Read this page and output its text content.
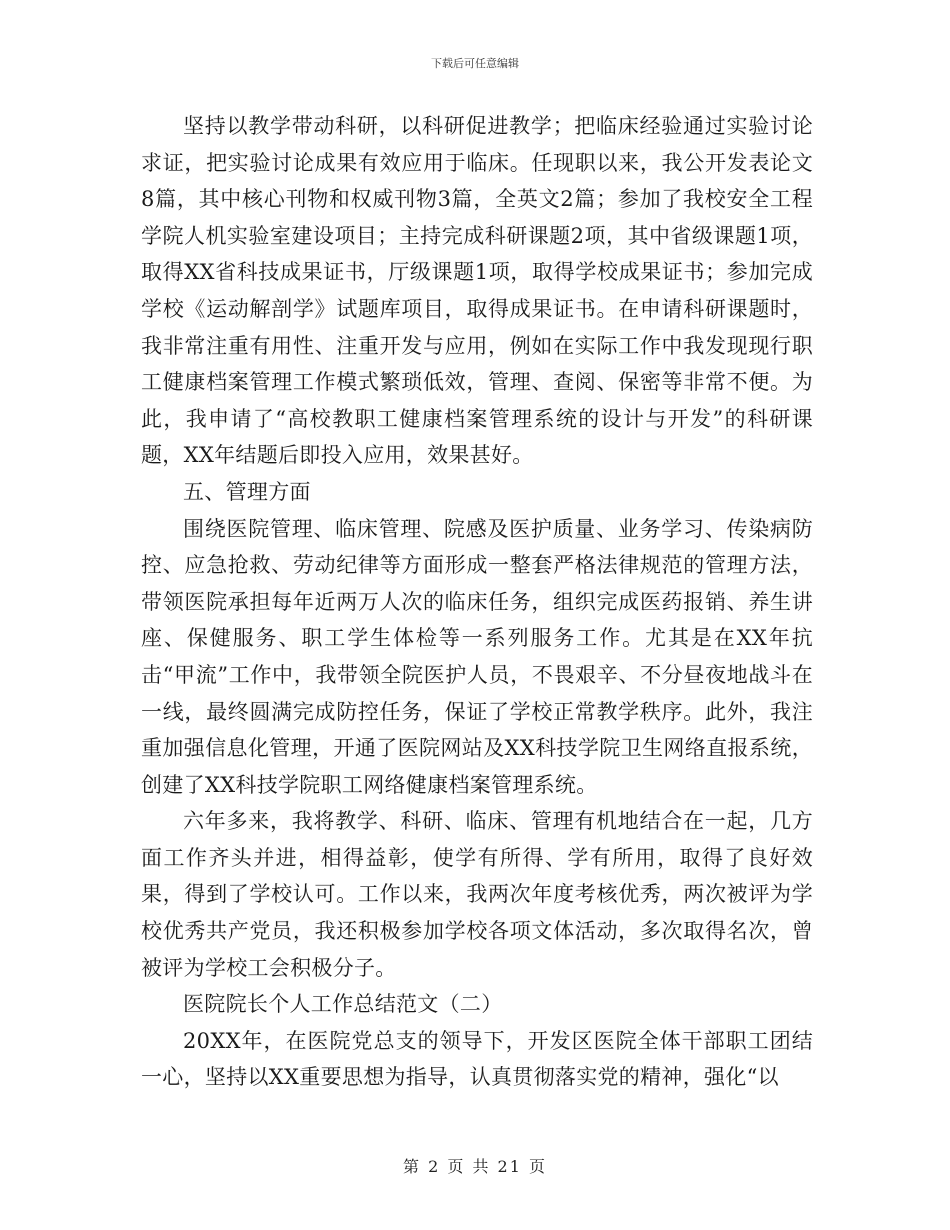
下载后可任意编辑

坚持以教学带动科研，以科研促进教学；把临床经验通过实验讨论求证，把实验讨论成果有效应用于临床。任现职以来，我公开发表论文8篇，其中核心刊物和权威刊物3篇，全英文2篇；参加了我校安全工程学院人机实验室建设项目；主持完成科研课题2项，其中省级课题1项，取得XX省科技成果证书，厅级课题1项，取得学校成果证书；参加完成学校《运动解剖学》试题库项目，取得成果证书。在申请科研课题时，我非常注重有用性、注重开发与应用，例如在实际工作中我发现现行职工健康档案管理工作模式繁琐低效，管理、查阅、保密等非常不便。为此，我申请了“高校教职工健康档案管理系统的设计与开发”的科研课题，XX年结题后即投入应用，效果甚好。

五、管理方面

围绕医院管理、临床管理、院感及医护质量、业务学习、传染病防控、应急抢救、劳动纪律等方面形成一整套严格法律规范的管理方法，带领医院承担每年近两万人次的临床任务，组织完成医药报销、养生讲座、保健服务、职工学生体检等一系列服务工作。尤其是在XX年抗击“甲流”工作中，我带领全院医护人员，不畏艰辛、不分昼夜地战斗在一线，最终圆满完成防控任务，保证了学校正常教学秩序。此外，我注重加强信息化管理，开通了医院网站及XX科技学院卫生网络直报系统，创建了XX科技学院职工网络健康档案管理系统。

六年多来，我将教学、科研、临床、管理有机地结合在一起，几方面工作齐头并进，相得益彰，使学有所得、学有所用，取得了良好效果，得到了学校认可。工作以来，我两次年度考核优秀，两次被评为学校优秀共产党员，我还积极参加学校各项文体活动，多次取得名次，曾被评为学校工会积极分子。

医院院长个人工作总结范文（二）

20XX年，在医院党总支的领导下，开发区医院全体干部职工团结一心，坚持以XX重要思想为指导，认真贯彻落实党的精神，强化“以

第 2 页 共 21 页
